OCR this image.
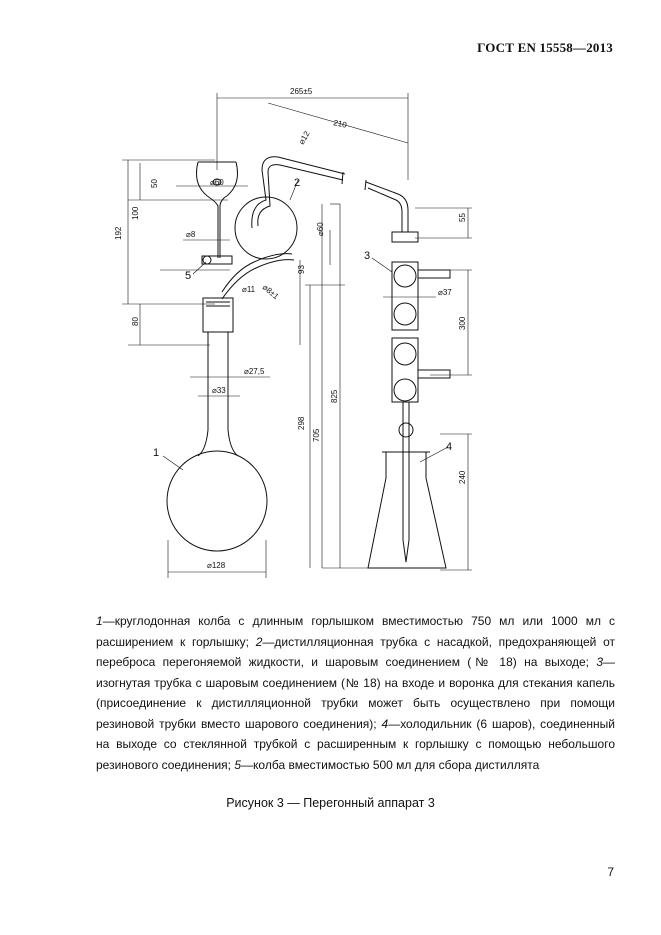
ГОСТ EN 15558—2013
265±5
210
⌀12
50	⌀60
100
192	⌀8	⌀60
⌀11 ⌀8±1
93
80
⌀27,5
⌀33
298
705
825
⌀128
55
⌀37
300
240
1
2
3
4
5
1—круглодонная колба с длинным горлышком вместимостью 750 мл или 1000 мл с расширением к горлышку; 2—дистилляционная трубка с насадкой, предохраняющей от переброса перегоняемой жидкости, и шаровым соединением (№ 18) на выходе; 3—изогнутая трубка с шаровым соединением (№ 18) на входе и воронка для стекания капель (присоединение к дистилляционной трубки может быть осуществлено при помощи резиновой трубки вместо шарового соединения); 4—холодильник (6 шаров), соединенный на выходе со стеклянной трубкой с расширенным к горлышку с помощью небольшого резинового соединения; 5—колба вместимостью 500 мл для сбора дистиллята
Рисунок 3 — Перегонный аппарат 3
7
